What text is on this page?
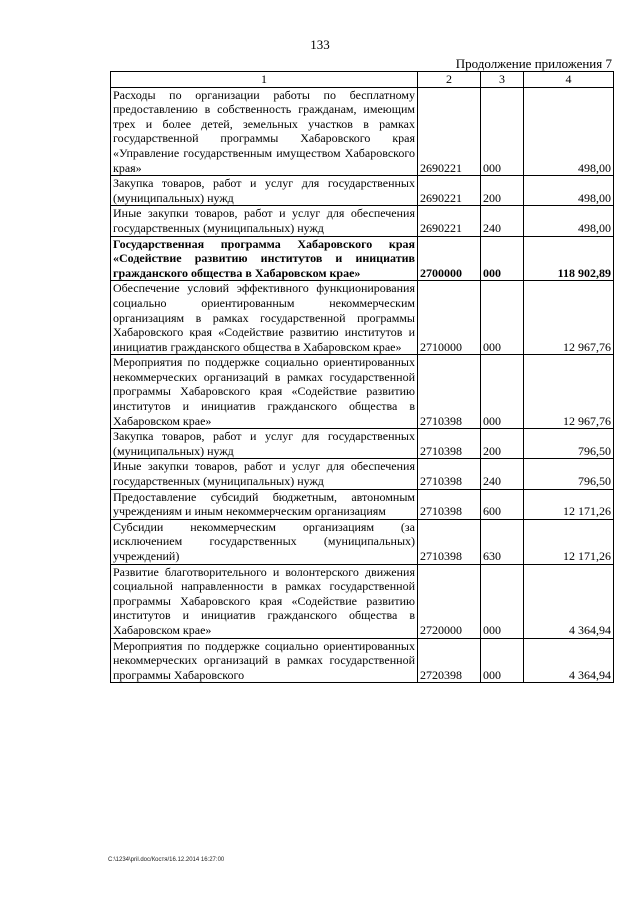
133
Продолжение приложения 7
1	2	3	4
Расходы по организации работы по бесплатному предоставлению в собственность гражданам, имеющим трех и более детей, земельных участков в рамках государственной программы Хабаровского края «Управление государственным имуществом Хабаровского края»	2690221	000	498,00
Закупка товаров, работ и услуг для государственных (муниципальных) нужд	2690221	200	498,00
Иные закупки товаров, работ и услуг для обеспечения государственных (муниципальных) нужд	2690221	240	498,00
Государственная программа Хабаровского края «Содействие развитию институтов и инициатив гражданского общества в Хабаровском крае»	2700000	000	118 902,89
Обеспечение условий эффективного функционирования социально ориентированным некоммерческим организациям в рамках государственной программы Хабаровского края «Содействие развитию институтов и инициатив гражданского общества в Хабаровском крае»	2710000	000	12 967,76
Мероприятия по поддержке социально ориентированных некоммерческих организаций в рамках государственной программы Хабаровского края «Содействие развитию институтов и инициатив гражданского общества в Хабаровском крае»	2710398	000	12 967,76
Закупка товаров, работ и услуг для государственных (муниципальных) нужд	2710398	200	796,50
Иные закупки товаров, работ и услуг для обеспечения государственных (муниципальных) нужд	2710398	240	796,50
Предоставление субсидий бюджетным, автономным учреждениям и иным некоммерческим организациям	2710398	600	12 171,26
Субсидии некоммерческим организациям (за исключением государственных (муниципальных) учреждений)	2710398	630	12 171,26
Развитие благотворительного и волонтерского движения социальной направленности в рамках государственной программы Хабаровского края «Содействие развитию институтов и инициатив гражданского общества в Хабаровском крае»	2720000	000	4 364,94
Мероприятия по поддержке социально ориентированных некоммерческих организаций в рамках государственной программы Хабаровского	2720398	000	4 364,94
C:\1234\pril.doc/Костя/16.12.2014 16:27:00
